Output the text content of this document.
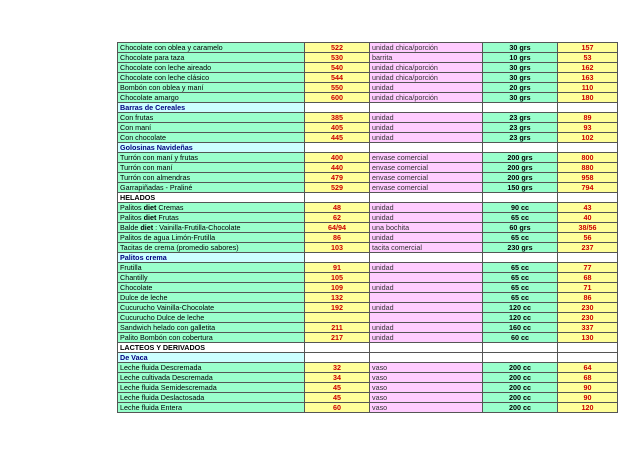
Chocolate con oblea y caramelo	522	unidad chica/porción	30 grs	157
Chocolate para taza	530	barrita	10 grs	53
Chocolate con leche aireado	540	unidad chica/porción	30 grs	162
Chocolate con leche clásico	544	unidad chica/porción	30 grs	163
Bombón con oblea y maní	550	unidad	20 grs	110
Chocolate amargo	600	unidad chica/porción	30 grs	180
Barras de Cereales				
Con frutas	385	unidad	23 grs	89
Con maní	405	unidad	23 grs	93
Con chocolate	445	unidad	23 grs	102
Golosinas Navideñas				
Turrón con maní y frutas	400	envase comercial	200 grs	800
Turrón con maní	440	envase comercial	200 grs	880
Turrón con almendras	479	envase comercial	200 grs	958
Garrapiñadas - Praliné	529	envase comercial	150 grs	794
HELADOS				
Palitos diet Cremas	48	unidad	90 cc	43
Palitos diet Frutas	62	unidad	65 cc	40
Balde diet : Vainilla-Frutilla-Chocolate	64/94	una bochita	60 grs	38/56
Palitos de agua Limón-Frutilla	86	unidad	65 cc	56
Tacitas de crema (promedio sabores)	103	tacita comercial	230 grs	237
Palitos crema				
Frutilla	91	unidad	65 cc	77
Chantilly	105		65 cc	68
Chocolate	109	unidad	65 cc	71
Dulce de leche	132		65 cc	86
Cucurucho Vainilla-Chocolate	192	unidad	120 cc	230
Cucurucho Dulce de leche			120 cc	230
Sandwich helado con galletita	211	unidad	160 cc	337
Palito Bombón con cobertura	217	unidad	60 cc	130
LACTEOS Y DERIVADOS				
De Vaca				
Leche fluida Descremada	32	vaso	200 cc	64
Leche cultivada Descremada	34	vaso	200 cc	68
Leche fluida Semidescremada	45	vaso	200 cc	90
Leche fluida Deslactosada	45	vaso	200 cc	90
Leche fluida Entera	60	vaso	200 cc	120
